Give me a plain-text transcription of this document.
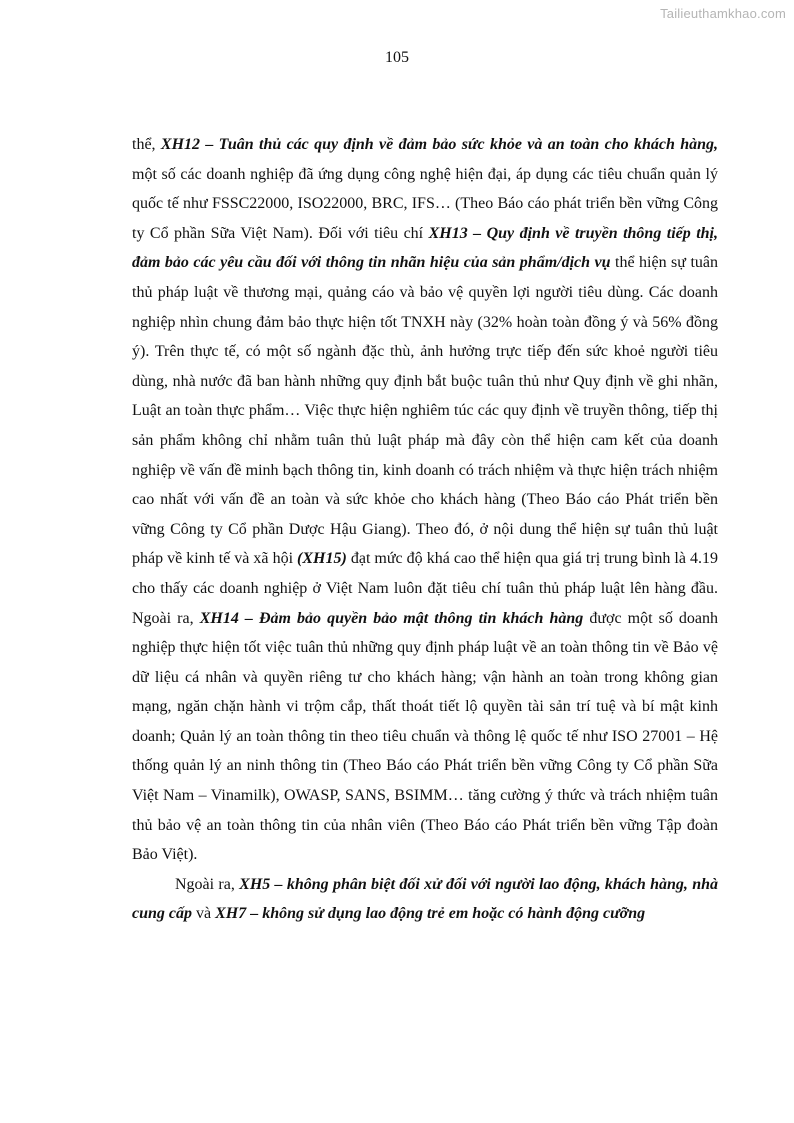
Tailieuthamkhao.com
105

thể, XH12 – Tuân thủ các quy định về đảm bảo sức khỏe và an toàn cho khách hàng, một số các doanh nghiệp đã ứng dụng công nghệ hiện đại, áp dụng các tiêu chuẩn quản lý quốc tế như FSSC22000, ISO22000, BRC, IFS… (Theo Báo cáo phát triển bền vững Công ty Cổ phần Sữa Việt Nam). Đối với tiêu chí XH13 – Quy định về truyền thông tiếp thị, đảm bảo các yêu cầu đối với thông tin nhãn hiệu của sản phẩm/dịch vụ thể hiện sự tuân thủ pháp luật về thương mại, quảng cáo và bảo vệ quyền lợi người tiêu dùng. Các doanh nghiệp nhìn chung đảm bảo thực hiện tốt TNXH này (32% hoàn toàn đồng ý và 56% đồng ý). Trên thực tế, có một số ngành đặc thù, ảnh hưởng trực tiếp đến sức khoẻ người tiêu dùng, nhà nước đã ban hành những quy định bắt buộc tuân thủ như Quy định về ghi nhãn, Luật an toàn thực phẩm… Việc thực hiện nghiêm túc các quy định về truyền thông, tiếp thị sản phẩm không chỉ nhằm tuân thủ luật pháp mà đây còn thể hiện cam kết của doanh nghiệp về vấn đề minh bạch thông tin, kinh doanh có trách nhiệm và thực hiện trách nhiệm cao nhất với vấn đề an toàn và sức khỏe cho khách hàng (Theo Báo cáo Phát triển bền vững Công ty Cổ phần Dược Hậu Giang). Theo đó, ở nội dung thể hiện sự tuân thủ luật pháp về kinh tế và xã hội (XH15) đạt mức độ khá cao thể hiện qua giá trị trung bình là 4.19 cho thấy các doanh nghiệp ở Việt Nam luôn đặt tiêu chí tuân thủ pháp luật lên hàng đầu. Ngoài ra, XH14 – Đảm bảo quyền bảo mật thông tin khách hàng được một số doanh nghiệp thực hiện tốt việc tuân thủ những quy định pháp luật về an toàn thông tin về Bảo vệ dữ liệu cá nhân và quyền riêng tư cho khách hàng; vận hành an toàn trong không gian mạng, ngăn chặn hành vi trộm cắp, thất thoát tiết lộ quyền tài sản trí tuệ và bí mật kinh doanh; Quản lý an toàn thông tin theo tiêu chuẩn và thông lệ quốc tế như ISO 27001 – Hệ thống quản lý an ninh thông tin (Theo Báo cáo Phát triển bền vững Công ty Cổ phần Sữa Việt Nam – Vinamilk), OWASP, SANS, BSIMM… tăng cường ý thức và trách nhiệm tuân thủ bảo vệ an toàn thông tin của nhân viên (Theo Báo cáo Phát triển bền vững Tập đoàn Bảo Việt).

Ngoài ra, XH5 – không phân biệt đối xử đối với người lao động, khách hàng, nhà cung cấp và XH7 – không sử dụng lao động trẻ em hoặc có hành động cưỡng
